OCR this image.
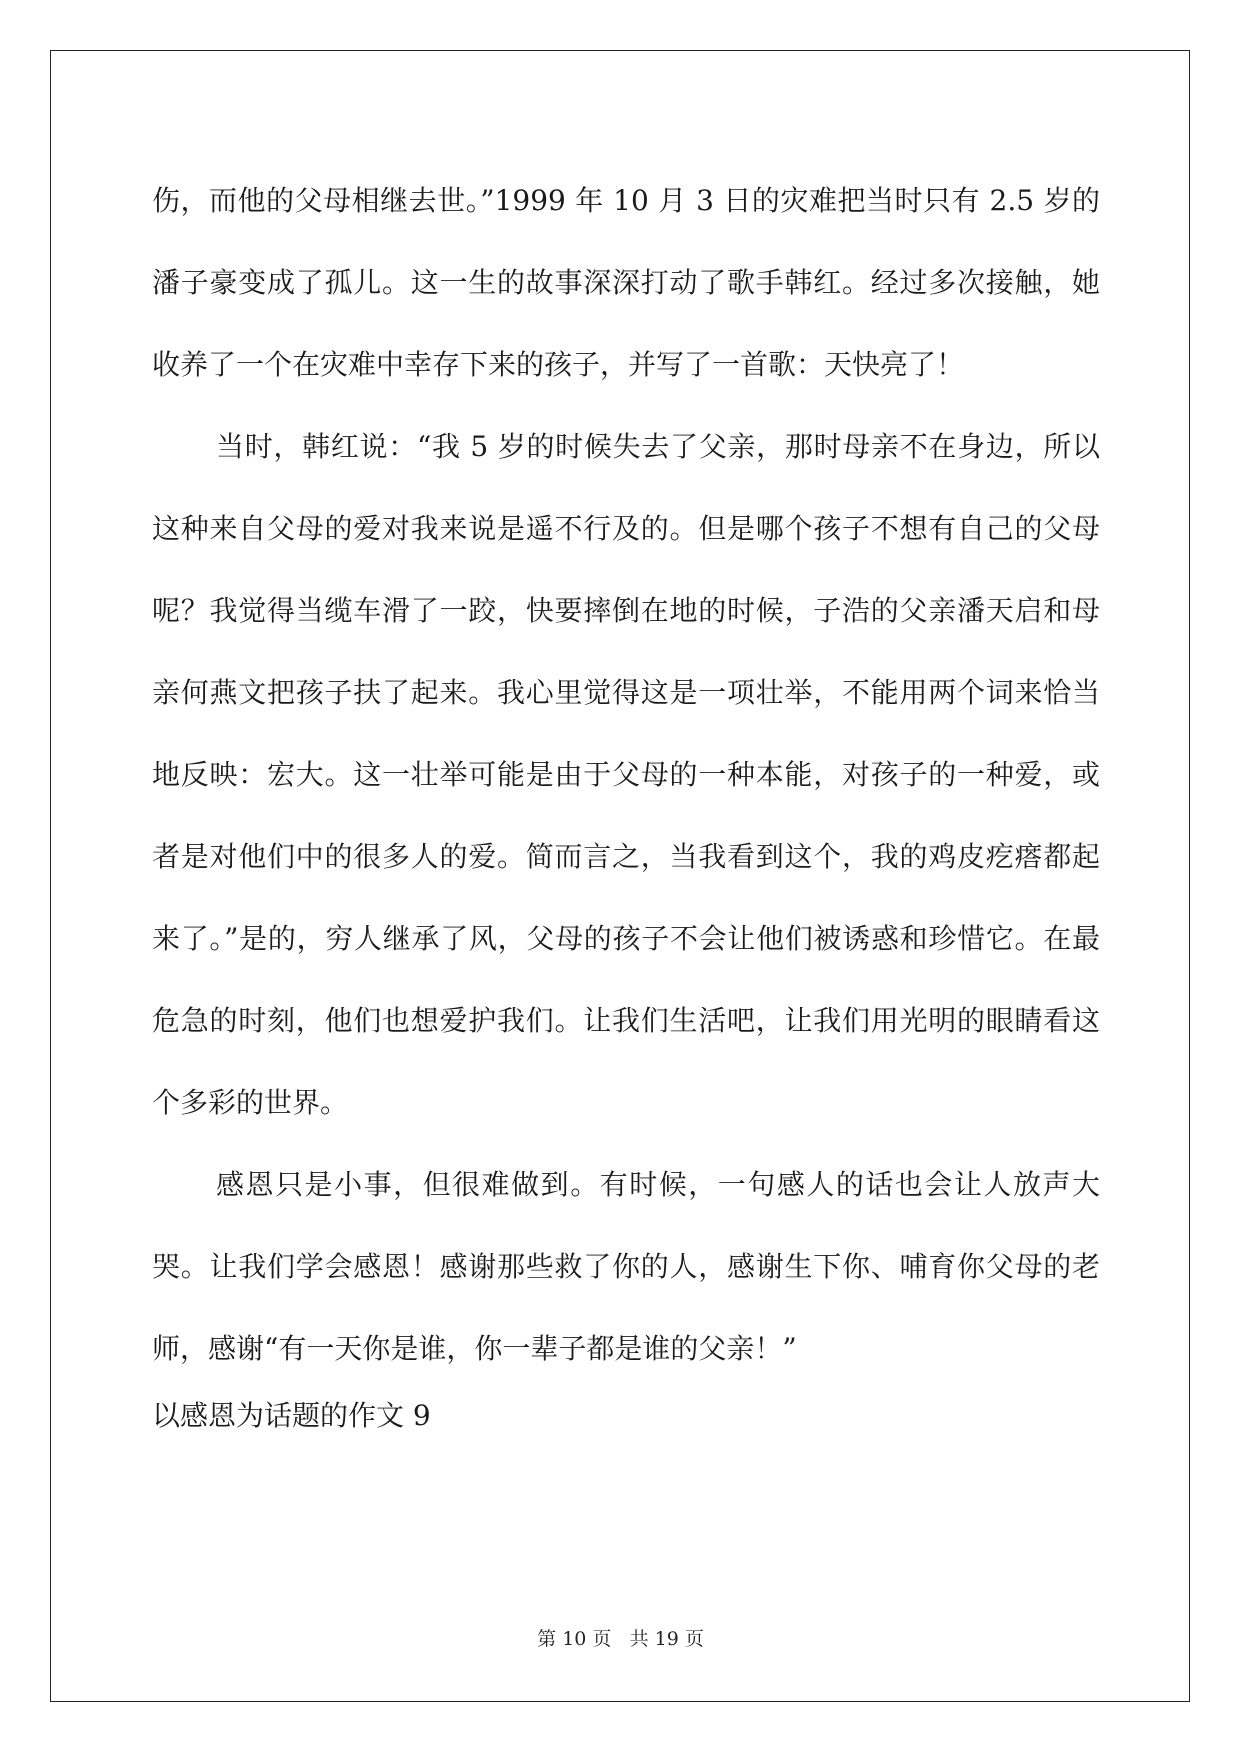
伤，而他的父母相继去世。”1999 年 10 月 3 日的灾难把当时只有 2.5 岁的潘子豪变成了孤儿。这一生的故事深深打动了歌手韩红。经过多次接触，她收养了一个在灾难中幸存下来的孩子，并写了一首歌：天快亮了！

当时，韩红说：“我 5 岁的时候失去了父亲，那时母亲不在身边，所以这种来自父母的爱对我来说是遥不行及的。但是哪个孩子不想有自己的父母呢？我觉得当缆车滑了一跤，快要摔倒在地的时候，子浩的父亲潘天启和母亲何燕文把孩子扶了起来。我心里觉得这是一项壮举，不能用两个词来恰当地反映：宏大。这一壮举可能是由于父母的一种本能，对孩子的一种爱，或者是对他们中的很多人的爱。简而言之，当我看到这个，我的鸡皮疙瘩都起来了。”是的，穷人继承了风，父母的孩子不会让他们被诱惑和珍惜它。在最危急的时刻，他们也想爱护我们。让我们生活吧，让我们用光明的眼睛看这个多彩的世界。

感恩只是小事，但很难做到。有时候，一句感人的话也会让人放声大哭。让我们学会感恩！感谢那些救了你的人，感谢生下你、哺育你父母的老师，感谢“有一天你是谁，你一辈子都是谁的父亲！”

以感恩为话题的作文 9

第 10 页 共 19 页
